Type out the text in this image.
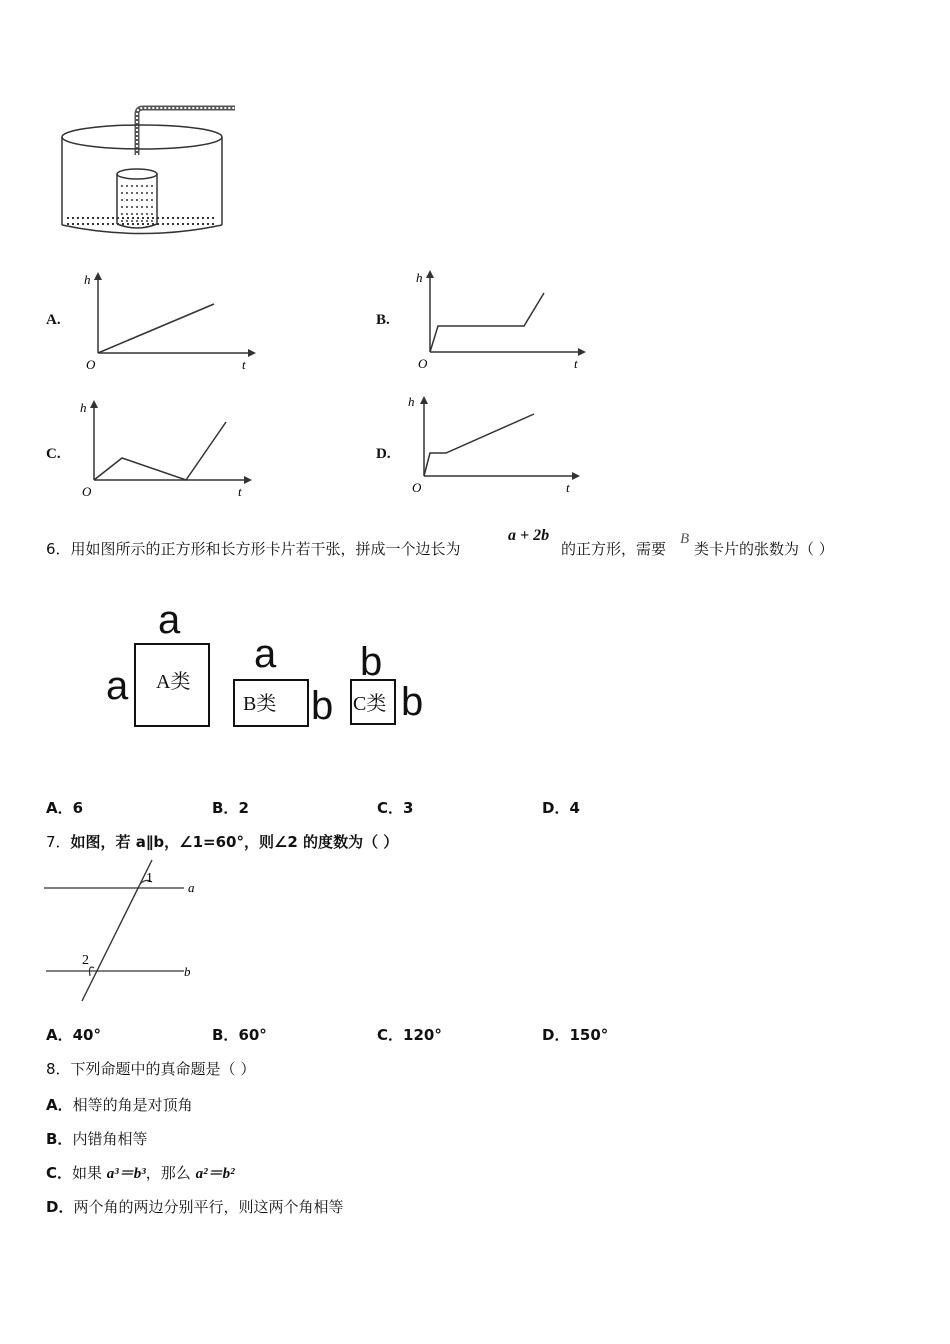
A.
h
t
O
B.
h
t
O
C.
h
t
O
D.
h
t
O
6．用如图所示的正方形和长方形卡片若干张，拼成一个边长为
a + 2b
的正方形，需要
B
类卡片的张数为（ ）
a
a A类
a
B类 b
b
C类 b
A．6	B．2	C．3	D．4
7．如图，若 a∥b，∠1=60°，则∠2 的度数为（ ）
a
b
1
2
A．40°	B．60°	C．120°	D．150°
8．下列命题中的真命题是（ ）
A．相等的角是对顶角
B．内错角相等
C．如果 a³＝b³，那么 a²＝b²
D．两个角的两边分别平行，则这两个角相等
